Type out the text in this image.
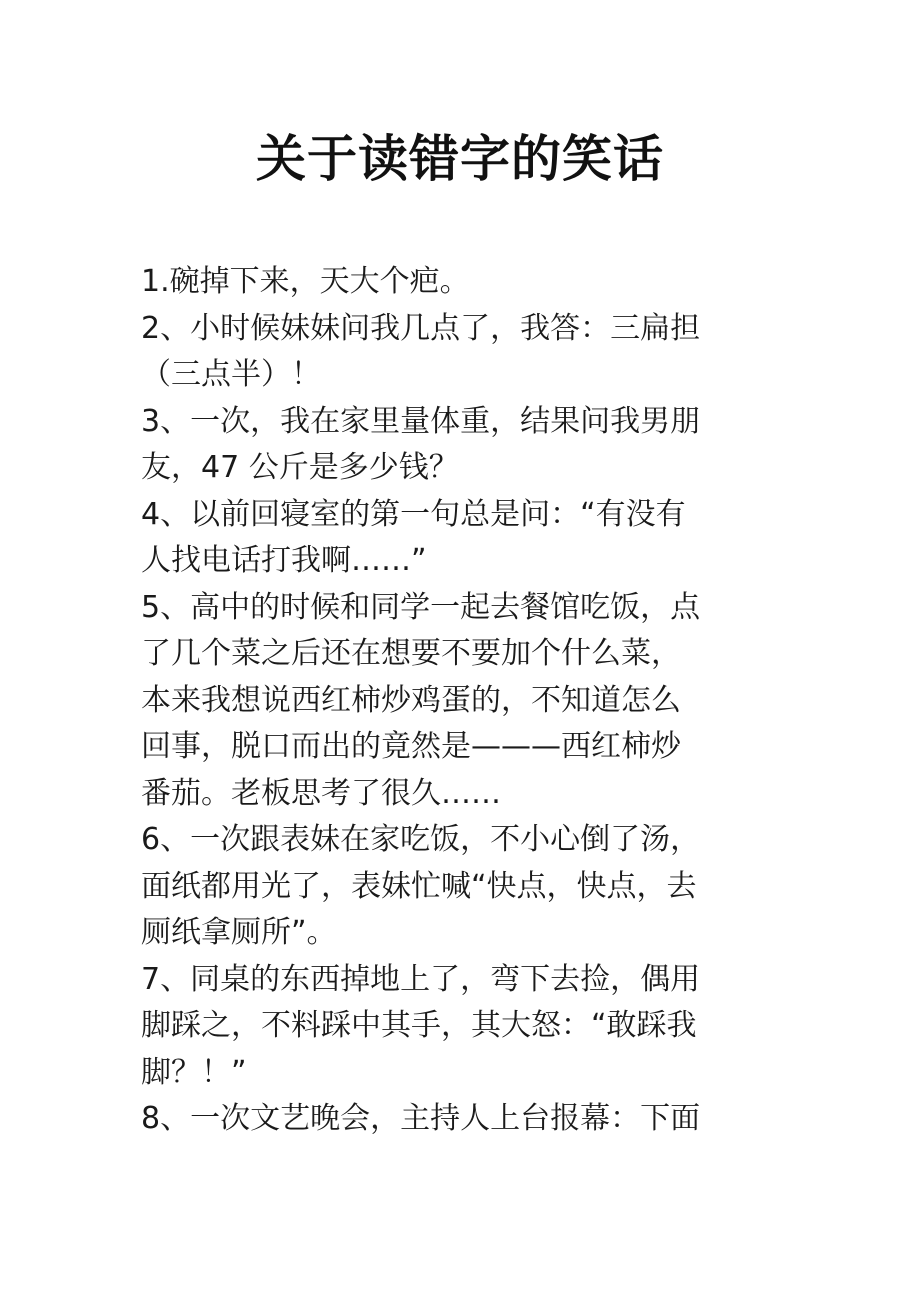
关于读错字的笑话

1.碗掉下来，天大个疤。

2、小时候妹妹问我几点了，我答：三扁担
（三点半）！

3、一次，我在家里量体重，结果问我男朋
友，47 公斤是多少钱？

4、以前回寝室的第一句总是问：“有没有
人找电话打我啊……”

5、高中的时候和同学一起去餐馆吃饭，点
了几个菜之后还在想要不要加个什么菜，
本来我想说西红柿炒鸡蛋的，不知道怎么
回事，脱口而出的竟然是———西红柿炒
番茄。老板思考了很久……

6、一次跟表妹在家吃饭，不小心倒了汤，
面纸都用光了，表妹忙喊“快点，快点，去
厕纸拿厕所”。

7、同桌的东西掉地上了，弯下去捡，偶用
脚踩之，不料踩中其手，其大怒：“敢踩我
脚？！”

8、一次文艺晚会，主持人上台报幕：下面
